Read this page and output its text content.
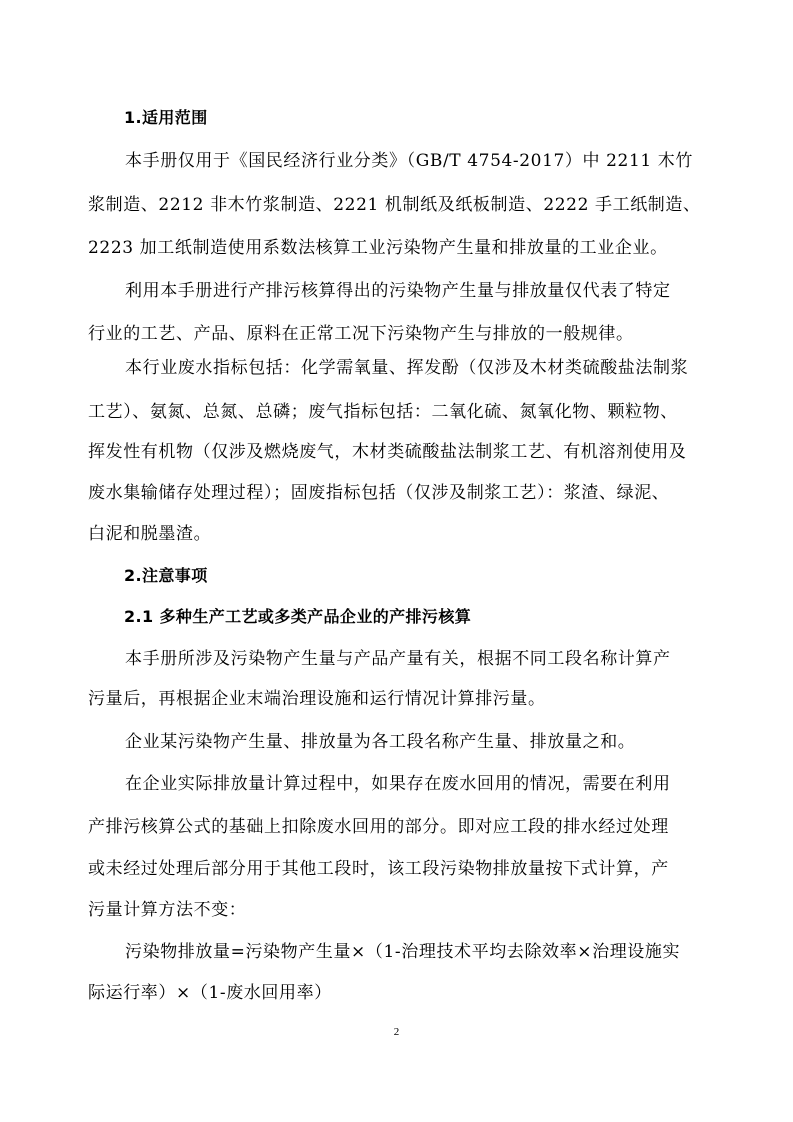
1.适用范围
本手册仅用于《国民经济行业分类》（GB/T 4754-2017）中 2211 木竹
浆制造、2212 非木竹浆制造、2221 机制纸及纸板制造、2222 手工纸制造、
2223 加工纸制造使用系数法核算工业污染物产生量和排放量的工业企业。
利用本手册进行产排污核算得出的污染物产生量与排放量仅代表了特定
行业的工艺、产品、原料在正常工况下污染物产生与排放的一般规律。
本行业废水指标包括：化学需氧量、挥发酚（仅涉及木材类硫酸盐法制浆
工艺）、氨氮、总氮、总磷；废气指标包括：二氧化硫、氮氧化物、颗粒物、
挥发性有机物（仅涉及燃烧废气，木材类硫酸盐法制浆工艺、有机溶剂使用及
废水集输储存处理过程）；固废指标包括（仅涉及制浆工艺）：浆渣、绿泥、
白泥和脱墨渣。
2.注意事项
2.1 多种生产工艺或多类产品企业的产排污核算
本手册所涉及污染物产生量与产品产量有关，根据不同工段名称计算产
污量后，再根据企业末端治理设施和运行情况计算排污量。
企业某污染物产生量、排放量为各工段名称产生量、排放量之和。
在企业实际排放量计算过程中，如果存在废水回用的情况，需要在利用
产排污核算公式的基础上扣除废水回用的部分。即对应工段的排水经过处理
或未经过处理后部分用于其他工段时，该工段污染物排放量按下式计算，产
污量计算方法不变：
污染物排放量=污染物产生量×（1-治理技术平均去除效率×治理设施实
际运行率）×（1-废水回用率）
2
